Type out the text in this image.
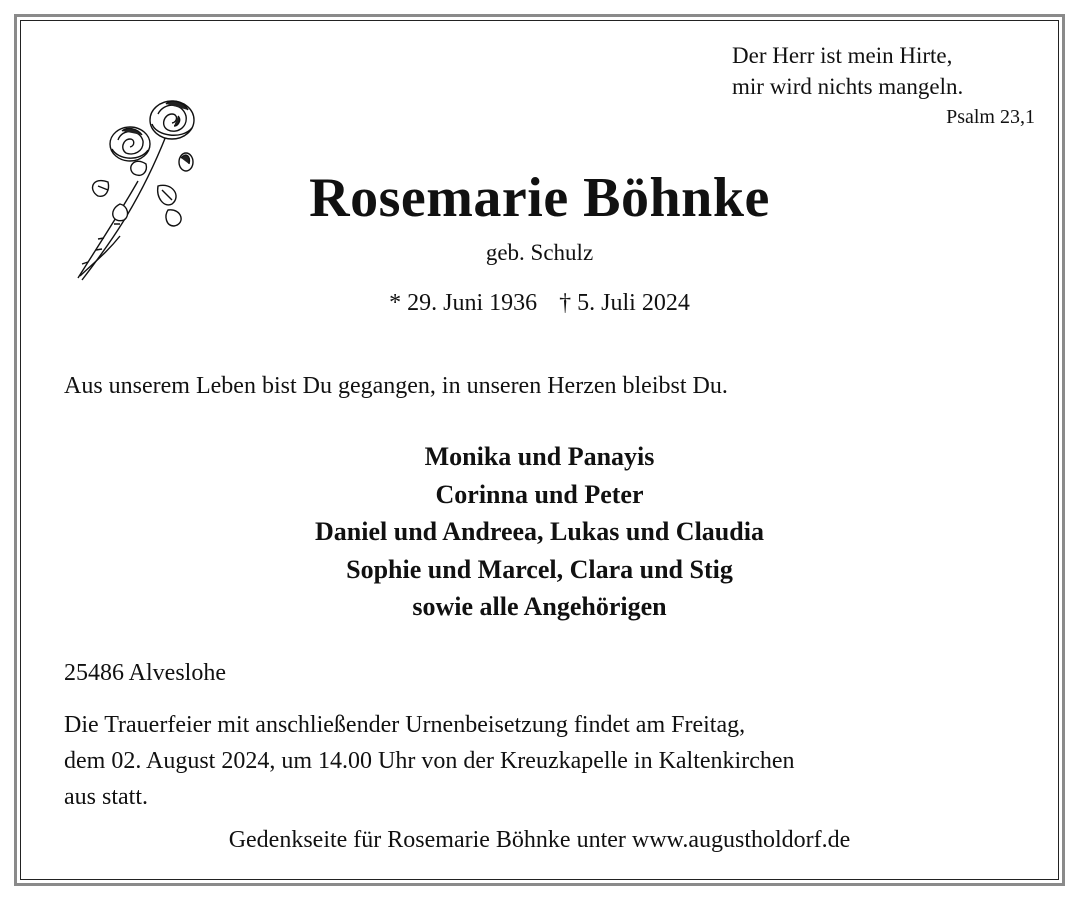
Der Herr ist mein Hirte,
mir wird nichts mangeln.
Psalm 23,1
Rosemarie Böhnke
geb. Schulz
* 29. Juni 1936 † 5. Juli 2024
Aus unserem Leben bist Du gegangen, in unseren Herzen bleibst Du.
Monika und Panayis
Corinna und Peter
Daniel und Andreea, Lukas und Claudia
Sophie und Marcel, Clara und Stig
sowie alle Angehörigen
25486 Alveslohe
Die Trauerfeier mit anschließender Urnenbeisetzung findet am Freitag,
dem 02. August 2024, um 14.00 Uhr von der Kreuzkapelle in Kaltenkirchen
aus statt.
Gedenkseite für Rosemarie Böhnke unter www.augustholdorf.de
